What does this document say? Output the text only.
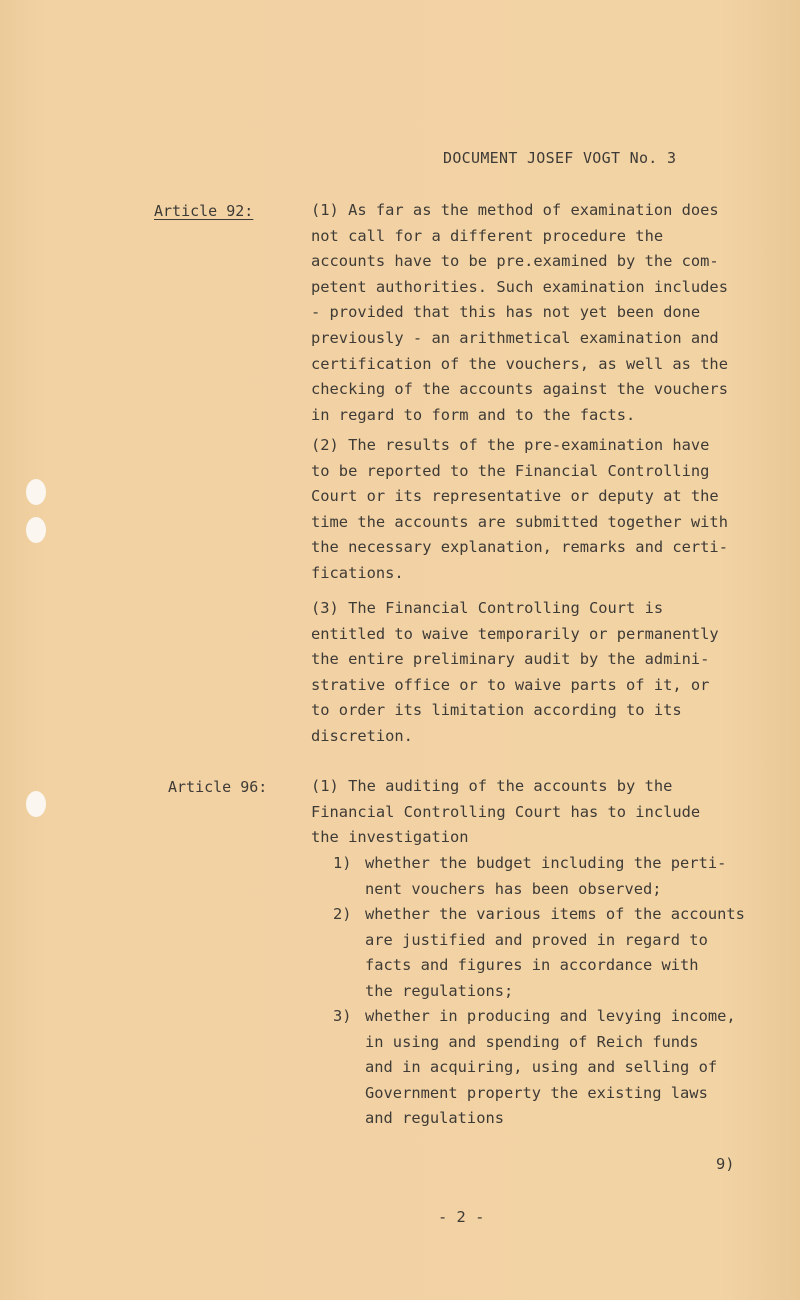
DOCUMENT JOSEF VOGT No. 3
Article 92:	(1) As far as the method of examination does
not call for a different procedure the
accounts have to be pre.examined by the com-
petent authorities. Such examination includes
- provided that this has not yet been done
previously - an arithmetical examination and
certification of the vouchers, as well as the
checking of the accounts against the vouchers
in regard to form and to the facts.
(2) The results of the pre-examination have
to be reported to the Financial Controlling
Court or its representative or deputy at the
time the accounts are submitted together with
the necessary explanation, remarks and certi-
fications.
(3) The Financial Controlling Court is
entitled to waive temporarily or permanently
the entire preliminary audit by the admini-
strative office or to waive parts of it, or
to order its limitation according to its
discretion.
Article 96:	(1) The auditing of the accounts by the
Financial Controlling Court has to include
the investigation
1) whether the budget including the perti-
nent vouchers has been observed;
2) whether the various items of the accounts
are justified and proved in regard to
facts and figures in accordance with
the regulations;
3) whether in producing and levying income,
in using and spending of Reich funds
and in acquiring, using and selling of
Government property the existing laws
and regulations
9)
- 2 -
